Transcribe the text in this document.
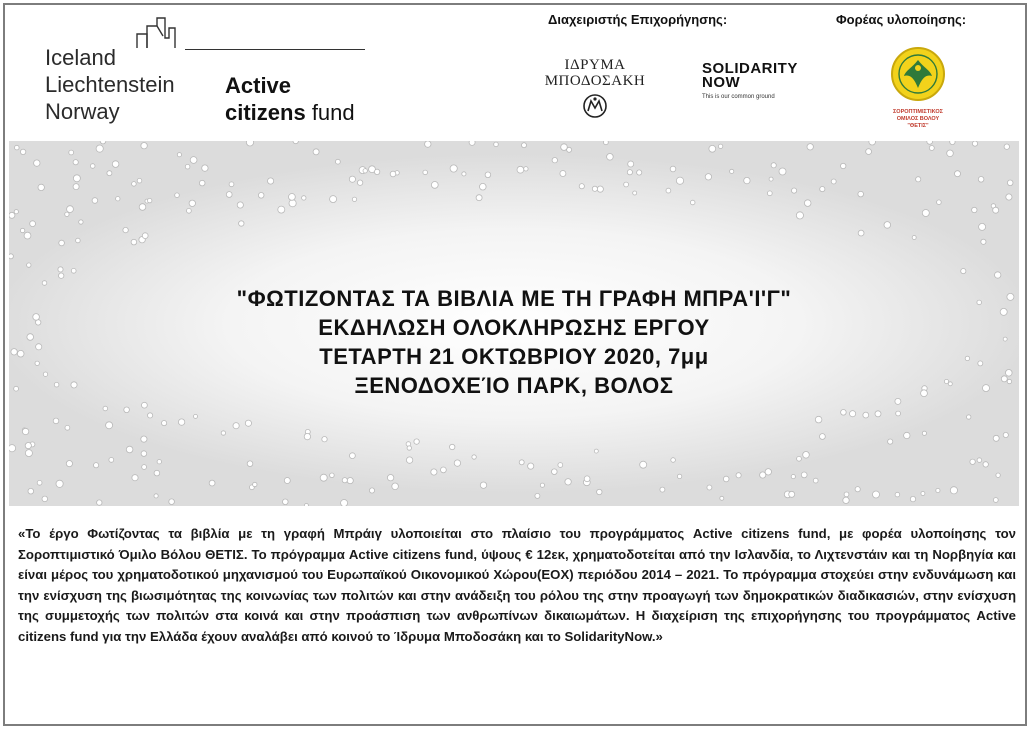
Iceland
Liechtenstein
Norway
Active
citizens fund
Διαχειριστής Επιχορήγησης:	Φορέας υλοποίησης:
ΙΔΡΥΜΑ
ΜΠΟΔΟΣΑΚΗ
SOLIDARITY
NOW
This is our common ground
ΣΟΡΟΠΤΙΜΙΣΤΙΚΟΣ
ΟΜΙΛΟΣ ΒΟΛΟΥ
"ΘΕΤΙΣ"
"ΦΩΤΙΖΟΝΤΑΣ ΤΑ ΒΙΒΛΙΑ ΜΕ ΤΗ ΓΡΑΦΗ ΜΠΡΑ'Ι'Γ"
ΕΚΔΗΛΩΣΗ ΟΛΟΚΛΗΡΩΣΗΣ ΕΡΓΟΥ
ΤΕΤΑΡΤΗ 21 ΟΚΤΩΒΡΙΟΥ 2020, 7μμ
ΞΕΝΟΔΟΧΕΊΟ ΠΑΡΚ, ΒΟΛΟΣ
«Το έργο Φωτίζοντας τα βιβλία με τη γραφή Μπράιγ υλοποιείται στο πλαίσιο του προγράμματος Active citizens fund, με φορέα υλοποίησης τον Σοροπτιμιστικό Όμιλο Βόλου ΘΕΤΙΣ. Το πρόγραμμα Active citizens fund, ύψους € 12εκ, χρηματοδοτείται από την Ισλανδία, το Λιχτενστάιν και τη Νορβηγία και είναι μέρος του χρηματοδοτικού μηχανισμού του Ευρωπαϊκού Οικονομικού Χώρου(ΕΟΧ) περιόδου 2014 – 2021. Το πρόγραμμα στοχεύει στην ενδυνάμωση και την ενίσχυση της βιωσιμότητας της κοινωνίας των πολιτών και στην ανάδειξη του ρόλου της στην προαγωγή των δημοκρατικών διαδικασιών, στην ενίσχυση της συμμετοχής των πολιτών στα κοινά και στην προάσπιση των ανθρωπίνων δικαιωμάτων. Η διαχείριση της επιχορήγησης του προγράμματος Active citizens fund για την Ελλάδα έχουν αναλάβει από κοινού το Ίδρυμα Μποδοσάκη και το SolidarityNow.»
